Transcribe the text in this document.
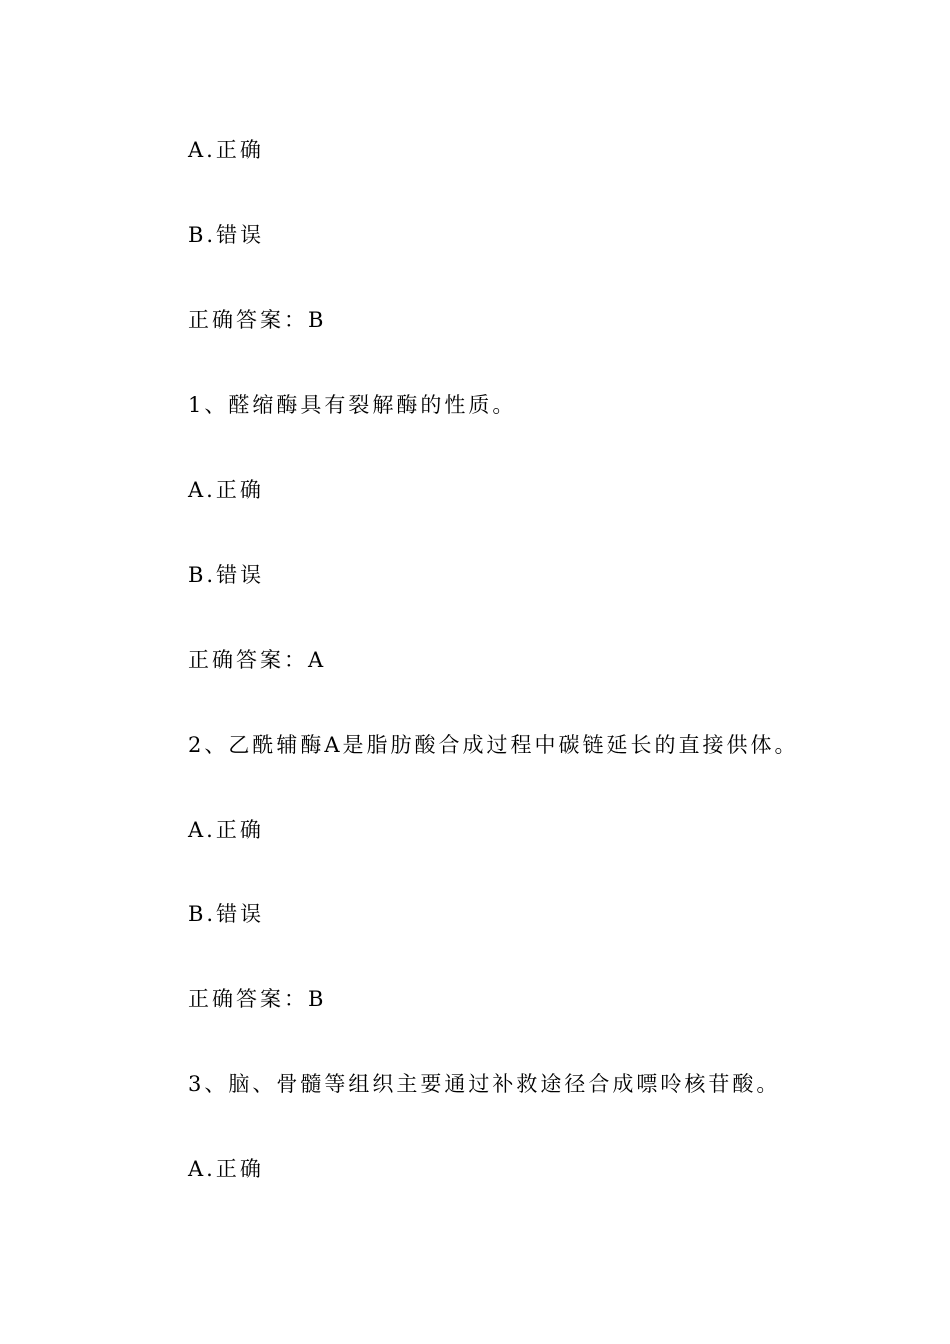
A.正确
B.错误
正确答案：B
1、醛缩酶具有裂解酶的性质。
A.正确
B.错误
正确答案：A
2、乙酰辅酶A是脂肪酸合成过程中碳链延长的直接供体。
A.正确
B.错误
正确答案：B
3、脑、骨髓等组织主要通过补救途径合成嘌呤核苷酸。
A.正确
